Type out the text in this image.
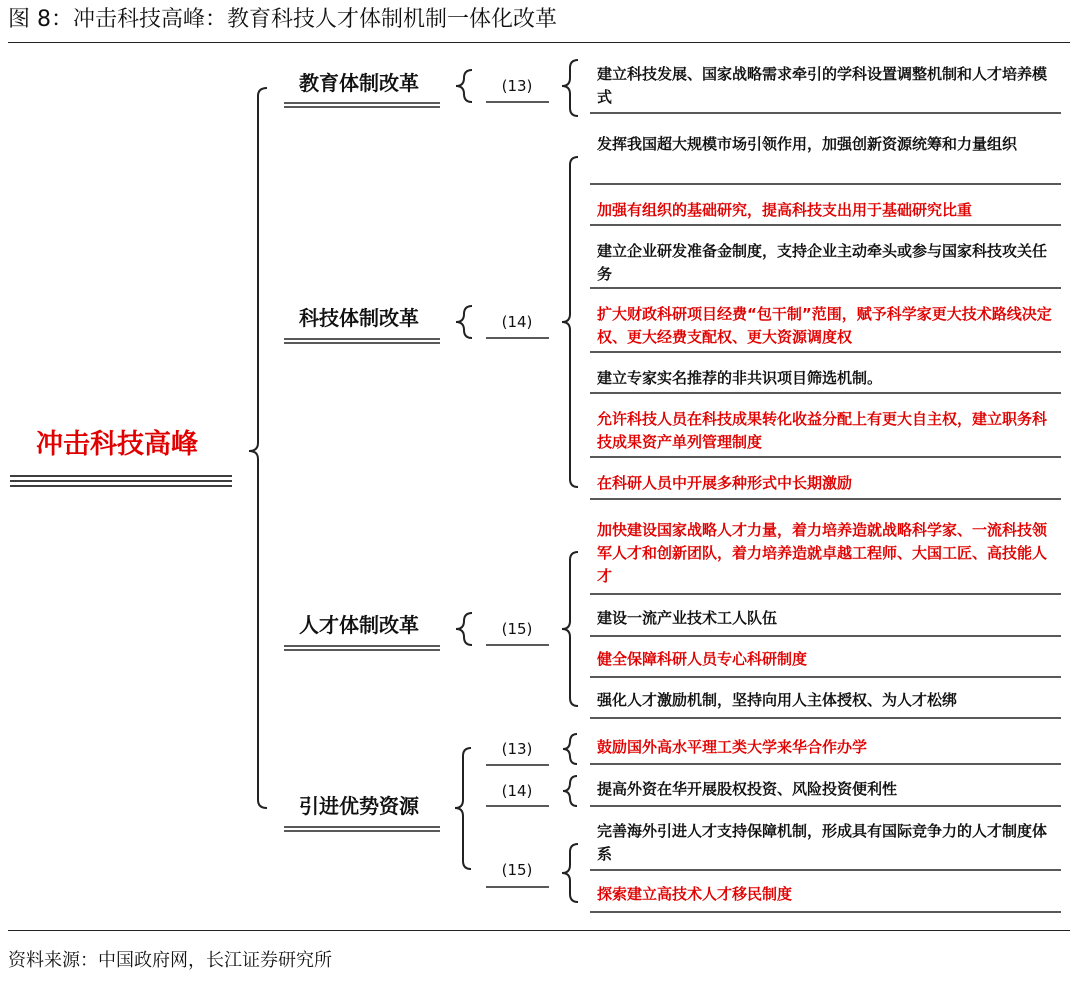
图 8：冲击科技高峰：教育科技人才体制机制一体化改革
冲击科技高峰
教育体制改革
科技体制改革
人才体制改革
引进优势资源
(13)
(14)
(15)
(13)
(14)
(15)
建立科技发展、国家战略需求牵引的学科设置调整机制和人才培养模式
发挥我国超大规模市场引领作用，加强创新资源统筹和力量组织
加强有组织的基础研究，提高科技支出用于基础研究比重
建立企业研发准备金制度，支持企业主动牵头或参与国家科技攻关任务
扩大财政科研项目经费“包干制”范围，赋予科学家更大技术路线决定权、更大经费支配权、更大资源调度权
建立专家实名推荐的非共识项目筛选机制。
允许科技人员在科技成果转化收益分配上有更大自主权，建立职务科技成果资产单列管理制度
在科研人员中开展多种形式中长期激励
加快建设国家战略人才力量，着力培养造就战略科学家、一流科技领军人才和创新团队，着力培养造就卓越工程师、大国工匠、高技能人才
建设一流产业技术工人队伍
健全保障科研人员专心科研制度
强化人才激励机制，坚持向用人主体授权、为人才松绑
鼓励国外高水平理工类大学来华合作办学
提高外资在华开展股权投资、风险投资便利性
完善海外引进人才支持保障机制，形成具有国际竞争力的人才制度体系
探索建立高技术人才移民制度
资料来源：中国政府网，长江证券研究所
